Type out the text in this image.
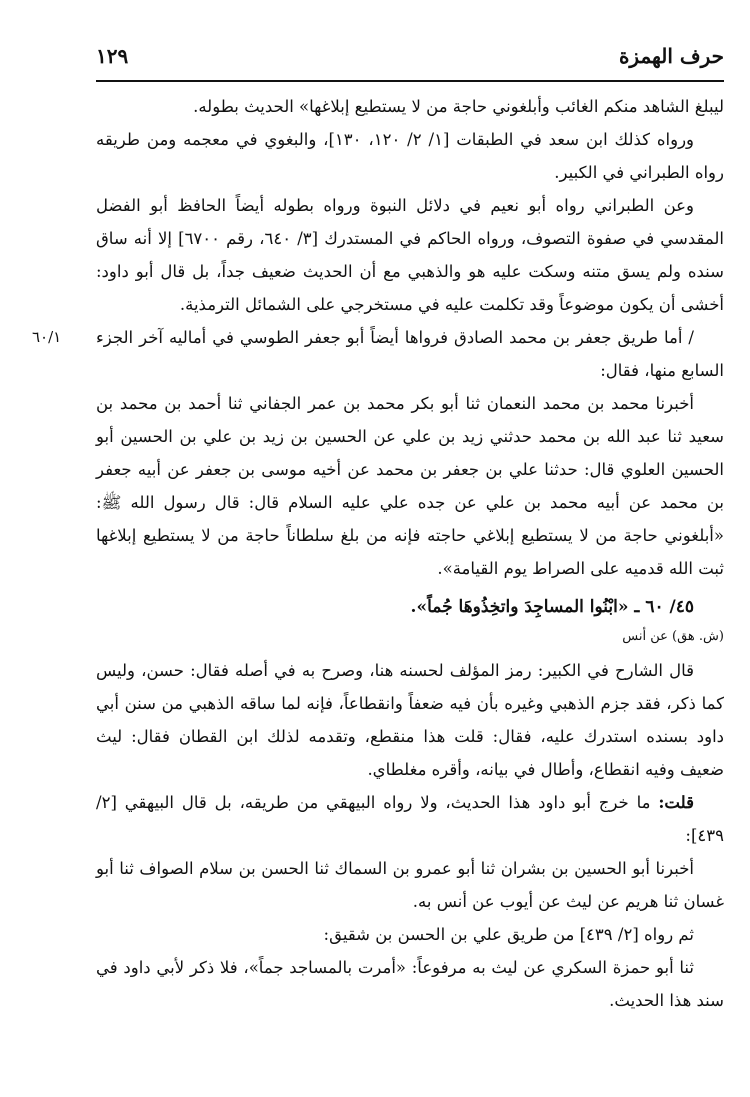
حرف الهمزة
١٢٩

ليبلغ الشاهد منكم الغائب وأبلغوني حاجة من لا يستطيع إبلاغها» الحديث بطوله.

ورواه كذلك ابن سعد في الطبقات [١/ ٢/ ١٢٠، ١٣٠]، والبغوي في معجمه ومن طريقه رواه الطبراني في الكبير.

وعن الطبراني رواه أبو نعيم في دلائل النبوة ورواه بطوله أيضاً الحافظ أبو الفضل المقدسي في صفوة التصوف، ورواه الحاكم في المستدرك [٣/ ٦٤٠، رقم ٦٧٠٠] إلا أنه ساق سنده ولم يسق متنه وسكت عليه هو والذهبي مع أن الحديث ضعيف جداً، بل قال أبو داود: أخشى أن يكون موضوعاً وقد تكلمت عليه في مستخرجي على الشمائل الترمذية.

/ أما طريق جعفر بن محمد الصادق فرواها أيضاً أبو جعفر الطوسي في أماليه آخر الجزء السابع منها، فقال:

٦٠/١

أخبرنا محمد بن محمد النعمان ثنا أبو بكر محمد بن عمر الجفاني ثنا أحمد بن محمد بن سعيد ثنا عبد الله بن محمد حدثني زيد بن علي عن الحسين بن زيد بن علي بن الحسين أبو الحسين العلوي قال: حدثنا علي بن جعفر بن محمد عن أخيه موسى بن جعفر عن أبيه جعفر بن محمد عن أبيه محمد بن علي عن جده علي عليه السلام قال: قال رسول الله ﷺ: «أبلغوني حاجة من لا يستطيع إبلاغي حاجته فإنه من بلغ سلطاناً حاجة من لا يستطيع إبلاغها ثبت الله قدميه على الصراط يوم القيامة».

٤٥/ ٦٠ ـ «ابْنُوا المساجِدَ واتخِذُوهَا جُماً».

(ش. هق) عن أنس

قال الشارح في الكبير: رمز المؤلف لحسنه هنا، وصرح به في أصله فقال: حسن، وليس كما ذكر، فقد جزم الذهبي وغيره بأن فيه ضعفاً وانقطاعاً، فإنه لما ساقه الذهبي من سنن أبي داود بسنده استدرك عليه، فقال: قلت هذا منقطع، وتقدمه لذلك ابن القطان فقال: ليث ضعيف وفيه انقطاع، وأطال في بيانه، وأقره مغلطاي.

قلت: ما خرج أبو داود هذا الحديث، ولا رواه البيهقي من طريقه، بل قال البيهقي [٢/ ٤٣٩]:

أخبرنا أبو الحسين بن بشران ثنا أبو عمرو بن السماك ثنا الحسن بن سلام الصواف ثنا أبو غسان ثنا هريم عن ليث عن أيوب عن أنس به.

ثم رواه [٢/ ٤٣٩] من طريق علي بن الحسن بن شقيق:

ثنا أبو حمزة السكري عن ليث به مرفوعاً: «أمرت بالمساجد جماً»، فلا ذكر لأبي داود في سند هذا الحديث.
